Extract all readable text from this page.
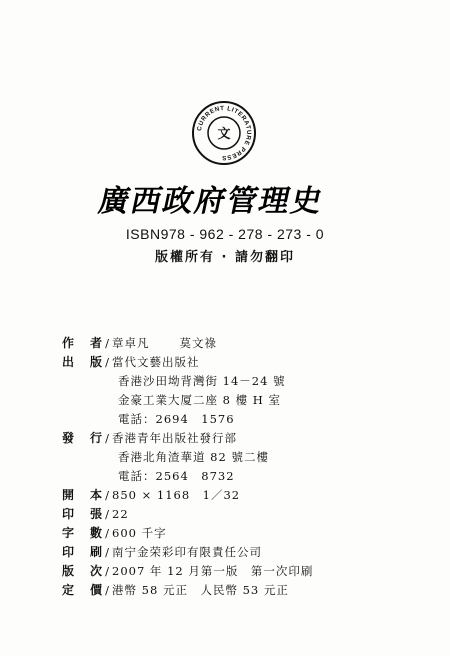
CURRENT LITERATURE PRESS
文
廣西政府管理史
ISBN978 - 962 - 278 - 273 - 0
版權所有 · 請勿翻印
作 者 / 章卓凡	莫文祿
出 版 / 當代文藝出版社
香港沙田坳背灣街 14－24 號
金豪工業大厦二座 8 樓 H 室
電話：2694　1576
發 行 / 香港青年出版社發行部
香港北角渣華道 82 號二樓
電話：2564　8732
開 本 / 850 × 1168　1／32
印 張 / 22
字 數 / 600 千字
印 刷 / 南宁金荣彩印有限責任公司
版 次 / 2007 年 12 月第一版　第一次印刷
定 價 / 港幣 58 元正　人民幣 53 元正
